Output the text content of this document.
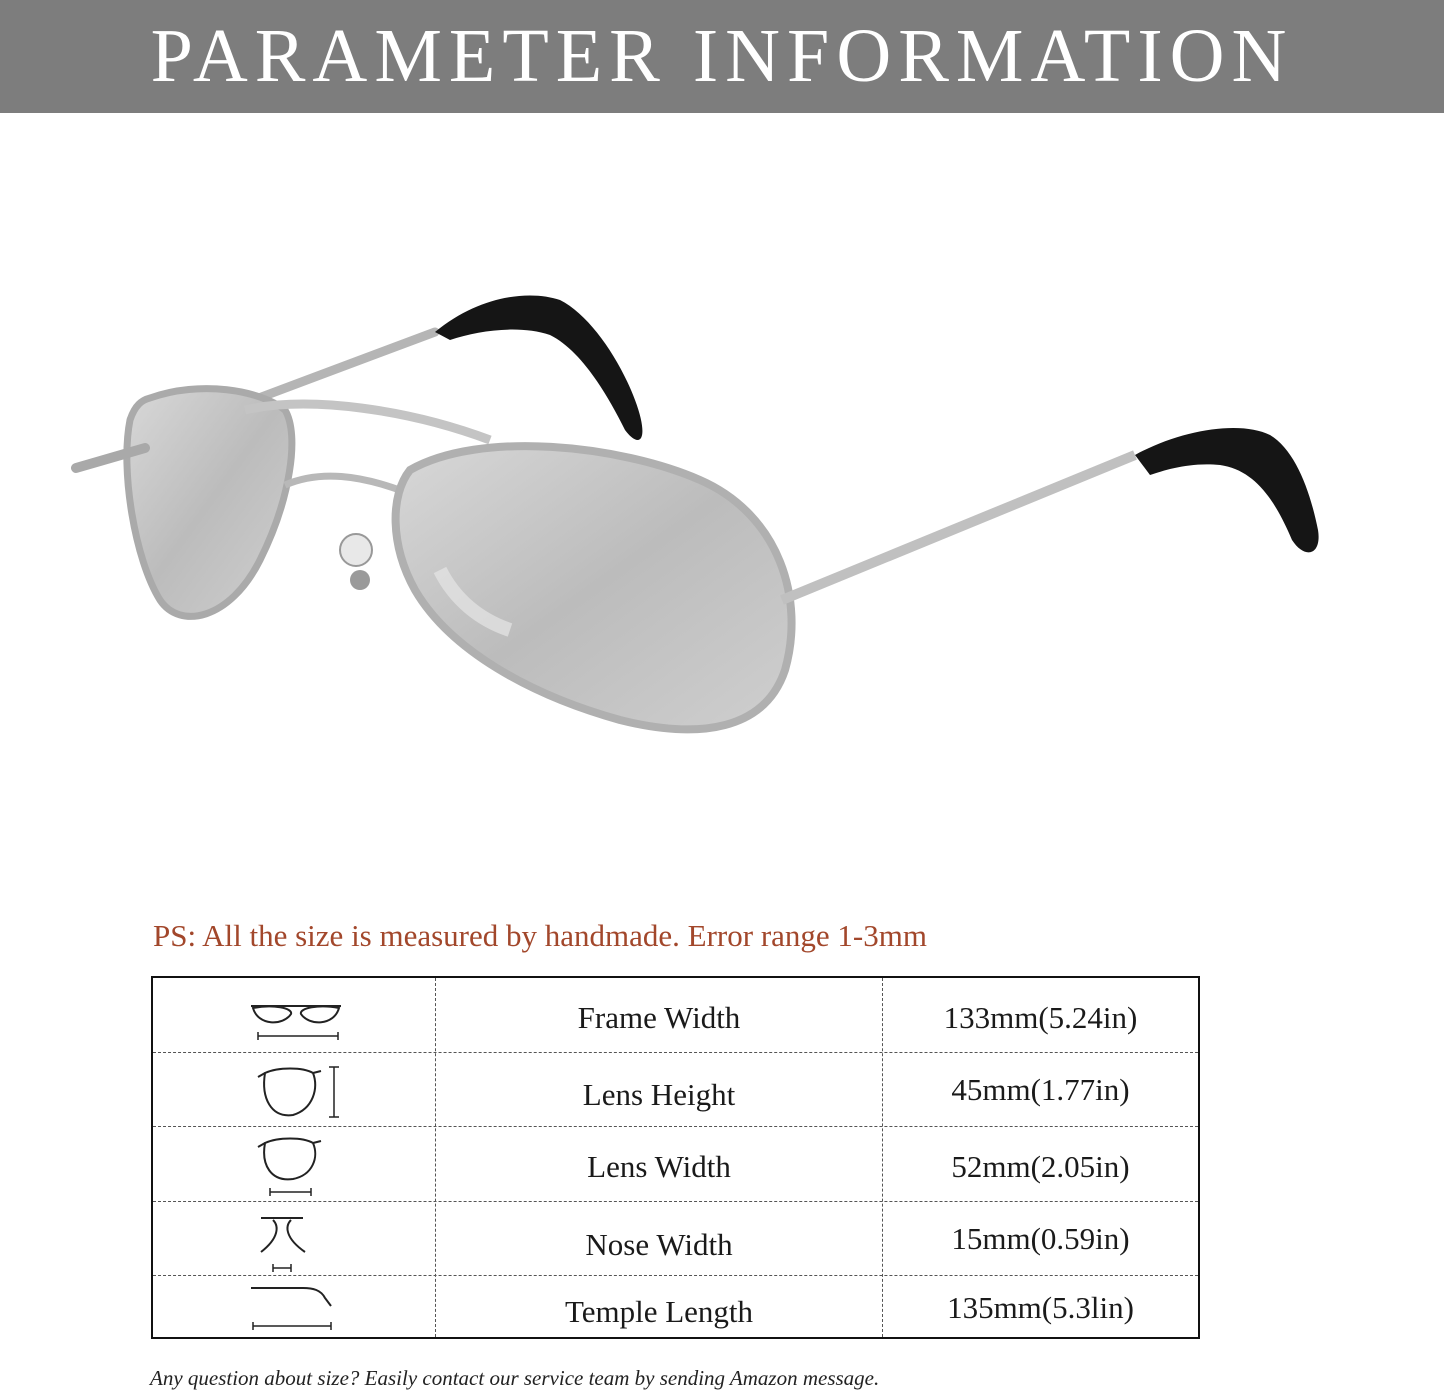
PARAMETER INFORMATION
PS: All the size is measured by handmade. Error range 1-3mm
Frame Width	133mm(5.24in)
Lens Height	45mm(1.77in)
Lens Width	52mm(2.05in)
Nose Width	15mm(0.59in)
Temple Length	135mm(5.3lin)
Any question about size? Easily contact our service team by sending Amazon message.
